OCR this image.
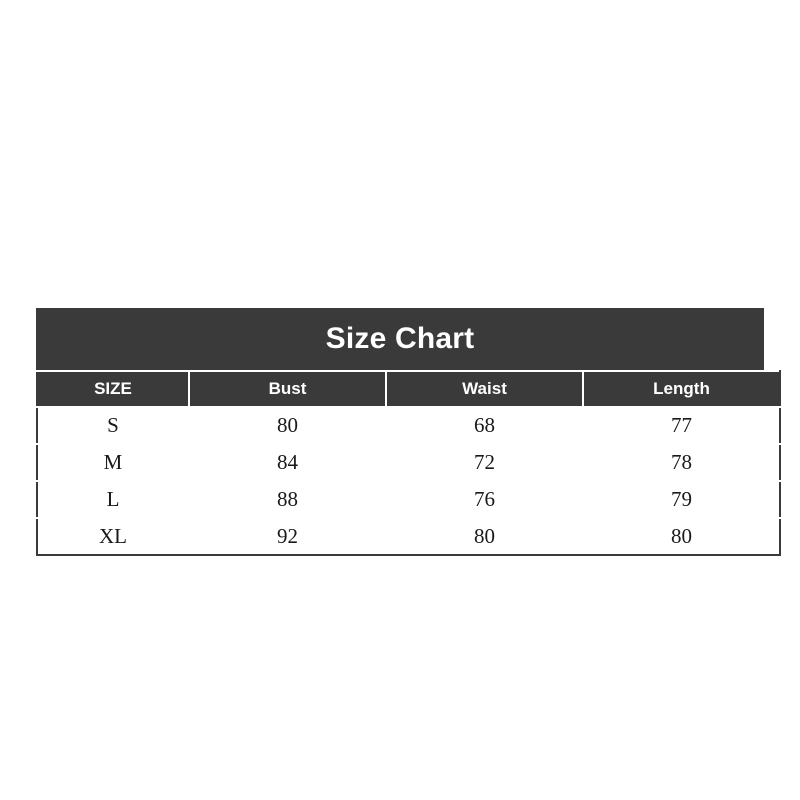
Size Chart
SIZE	Bust	Waist	Length
S	80	68	77
M	84	72	78
L	88	76	79
XL	92	80	80
